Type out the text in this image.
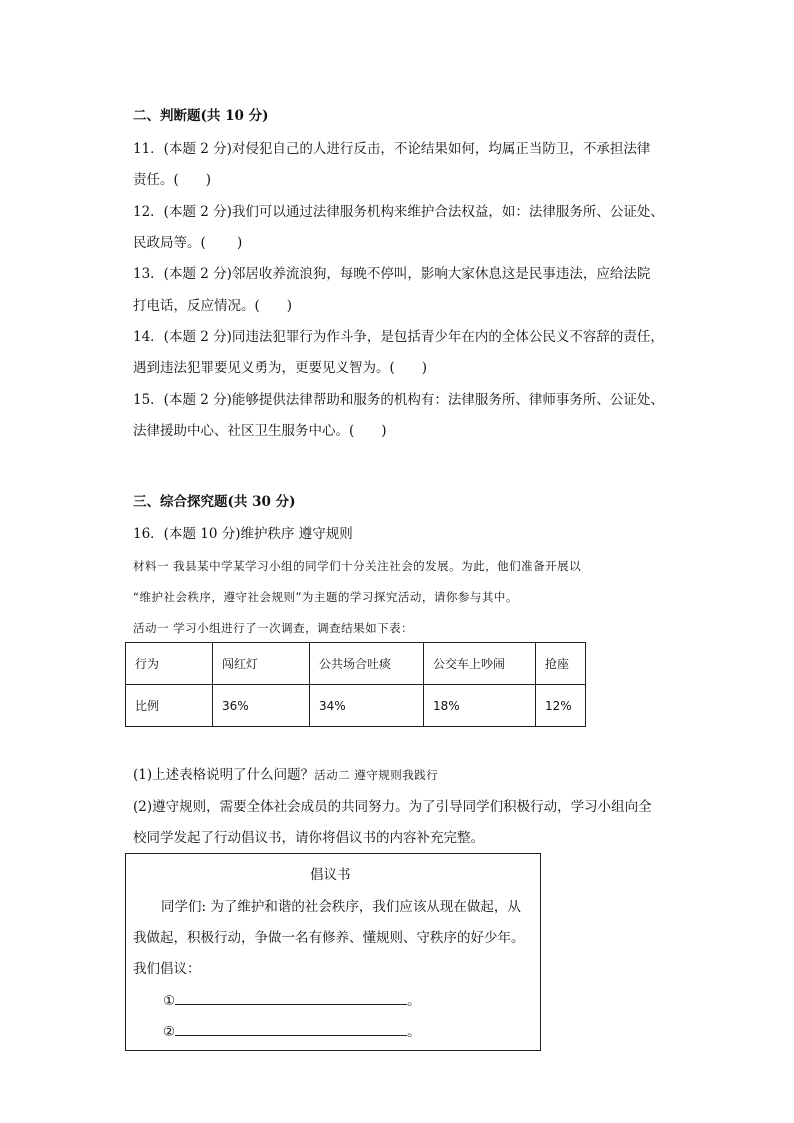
二、判断题(共 10 分)
11．(本题 2 分)对侵犯自己的人进行反击，不论结果如何，均属正当防卫，不承担法律
责任。(　　)
12．(本题 2 分)我们可以通过法律服务机构来维护合法权益，如：法律服务所、公证处、
民政局等。(　　 )
13．(本题 2 分)邻居收养流浪狗，每晚不停叫，影响大家休息这是民事违法，应给法院
打电话，反应情况。(　　)
14．(本题 2 分)同违法犯罪行为作斗争，是包括青少年在内的全体公民义不容辞的责任，
遇到违法犯罪要见义勇为，更要见义智为。(　　)
15．(本题 2 分)能够提供法律帮助和服务的机构有：法律服务所、律师事务所、公证处、
法律援助中心、社区卫生服务中心。(　　)
三、综合探究题(共 30 分)
16．(本题 10 分)维护秩序 遵守规则
材料一 我县某中学某学习小组的同学们十分关注社会的发展。为此，他们准备开展以
“维护社会秩序，遵守社会规则”为主题的学习探究活动，请你参与其中。
活动一 学习小组进行了一次调查，调查结果如下表：
行为	闯红灯	公共场合吐痰	公交车上吵闹	抢座
比例	36%	34%	18%	12%
(1)上述表格说明了什么问题？活动二 遵守规则我践行
(2)遵守规则，需要全体社会成员的共同努力。为了引导同学们积极行动，学习小组向全
校同学发起了行动倡议书，请你将倡议书的内容补充完整。
倡议书
同学们: 为了维护和谐的社会秩序，我们应该从现在做起，从
我做起，积极行动，争做一名有修养、懂规则、守秩序的好少年。
我们倡议：
①	。
②	。
